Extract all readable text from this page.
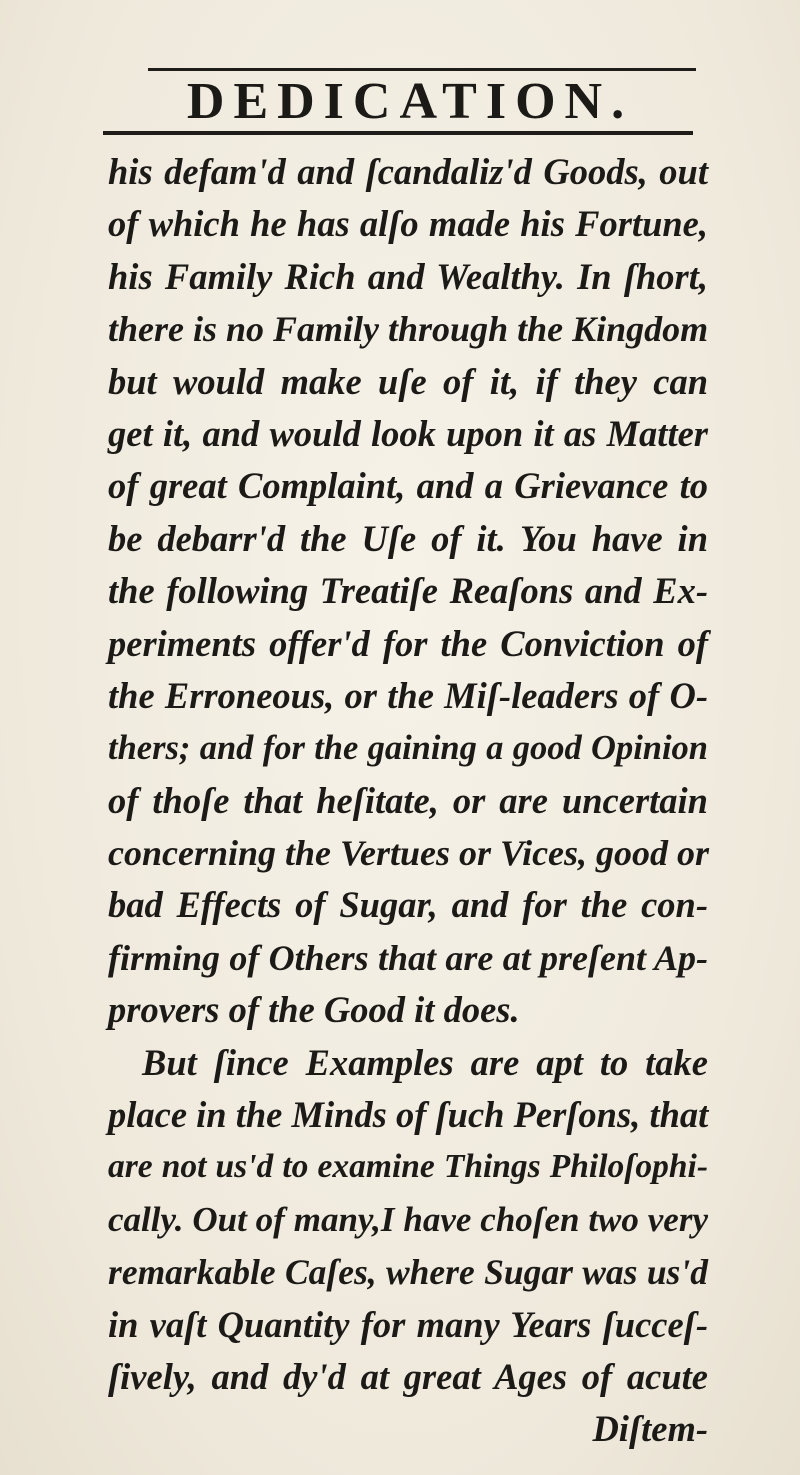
DEDICATION.
his defam'd and ſcandaliz'd Goods, out
of which he has alſo made his Fortune,
his Family Rich and Wealthy. In ſhort,
there is no Family through the Kingdom
but would make uſe of it, if they can
get it, and would look upon it as Matter
of great Complaint, and a Grievance to
be debarr'd the Uſe of it. You have in
the following Treatiſe Reaſons and Ex-
periments offer'd for the Conviction of
the Erroneous, or the Miſ-leaders of O-
thers; and for the gaining a good Opinion
of thoſe that heſitate, or are uncertain
concerning the Vertues or Vices, good or
bad Effects of Sugar, and for the con-
firming of Others that are at preſent Ap-
provers of the Good it does.
But ſince Examples are apt to take
place in the Minds of ſuch Perſons, that
are not us'd to examine Things Philoſophi-
cally. Out of many,I have choſen two very
remarkable Caſes, where Sugar was us'd
in vaſt Quantity for many Years ſucceſ-
ſively, and dy'd at great Ages of acute
Diſtem-
